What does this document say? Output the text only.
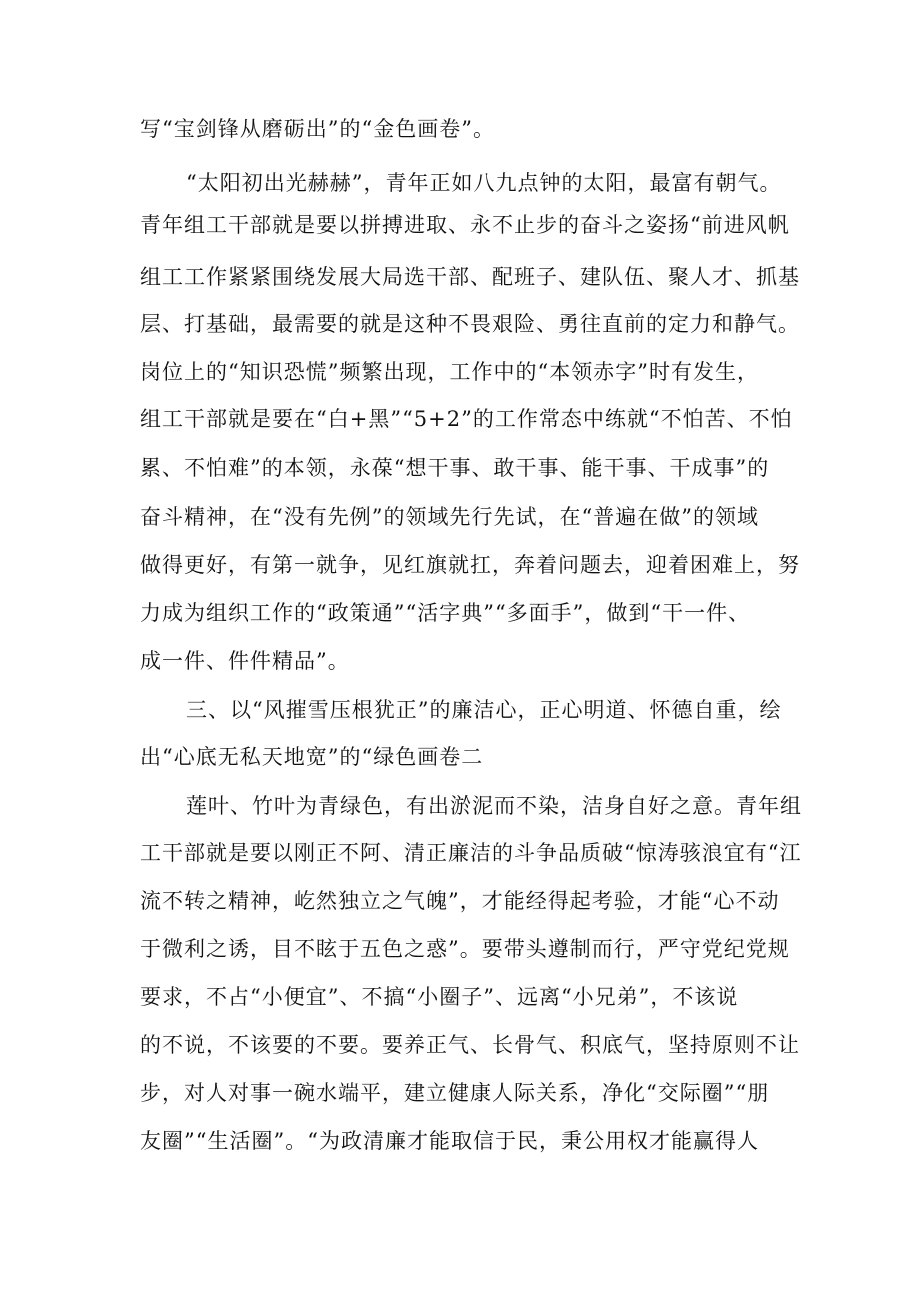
写“宝剑锋从磨砺出”的“金色画卷”。
“太阳初出光赫赫”，青年正如八九点钟的太阳，最富有朝气。
青年组工干部就是要以拼搏进取、永不止步的奋斗之姿扬“前进风帆
组工工作紧紧围绕发展大局选干部、配班子、建队伍、聚人才、抓基
层、打基础，最需要的就是这种不畏艰险、勇往直前的定力和静气。
岗位上的“知识恐慌”频繁出现，工作中的“本领赤字”时有发生，
组工干部就是要在“白+黑”“5+2”的工作常态中练就“不怕苦、不怕
累、不怕难”的本领，永葆“想干事、敢干事、能干事、干成事”的
奋斗精神，在“没有先例”的领域先行先试，在“普遍在做”的领域
做得更好，有第一就争，见红旗就扛，奔着问题去，迎着困难上，努
力成为组织工作的“政策通”“活字典”“多面手”，做到“干一件、
成一件、件件精品”。
三、以“风摧雪压根犹正”的廉洁心，正心明道、怀德自重，绘
出“心底无私天地宽”的“绿色画卷二
莲叶、竹叶为青绿色，有出淤泥而不染，洁身自好之意。青年组
工干部就是要以刚正不阿、清正廉洁的斗争品质破“惊涛骇浪宜有“江
流不转之精神，屹然独立之气魄”，才能经得起考验，才能“心不动
于微利之诱，目不眩于五色之惑”。要带头遵制而行，严守党纪党规
要求，不占“小便宜”、不搞“小圈子”、远离“小兄弟”，不该说
的不说，不该要的不要。要养正气、长骨气、积底气，坚持原则不让
步，对人对事一碗水端平，建立健康人际关系，净化“交际圈”“朋
友圈”“生活圈”。“为政清廉才能取信于民，秉公用权才能赢得人
